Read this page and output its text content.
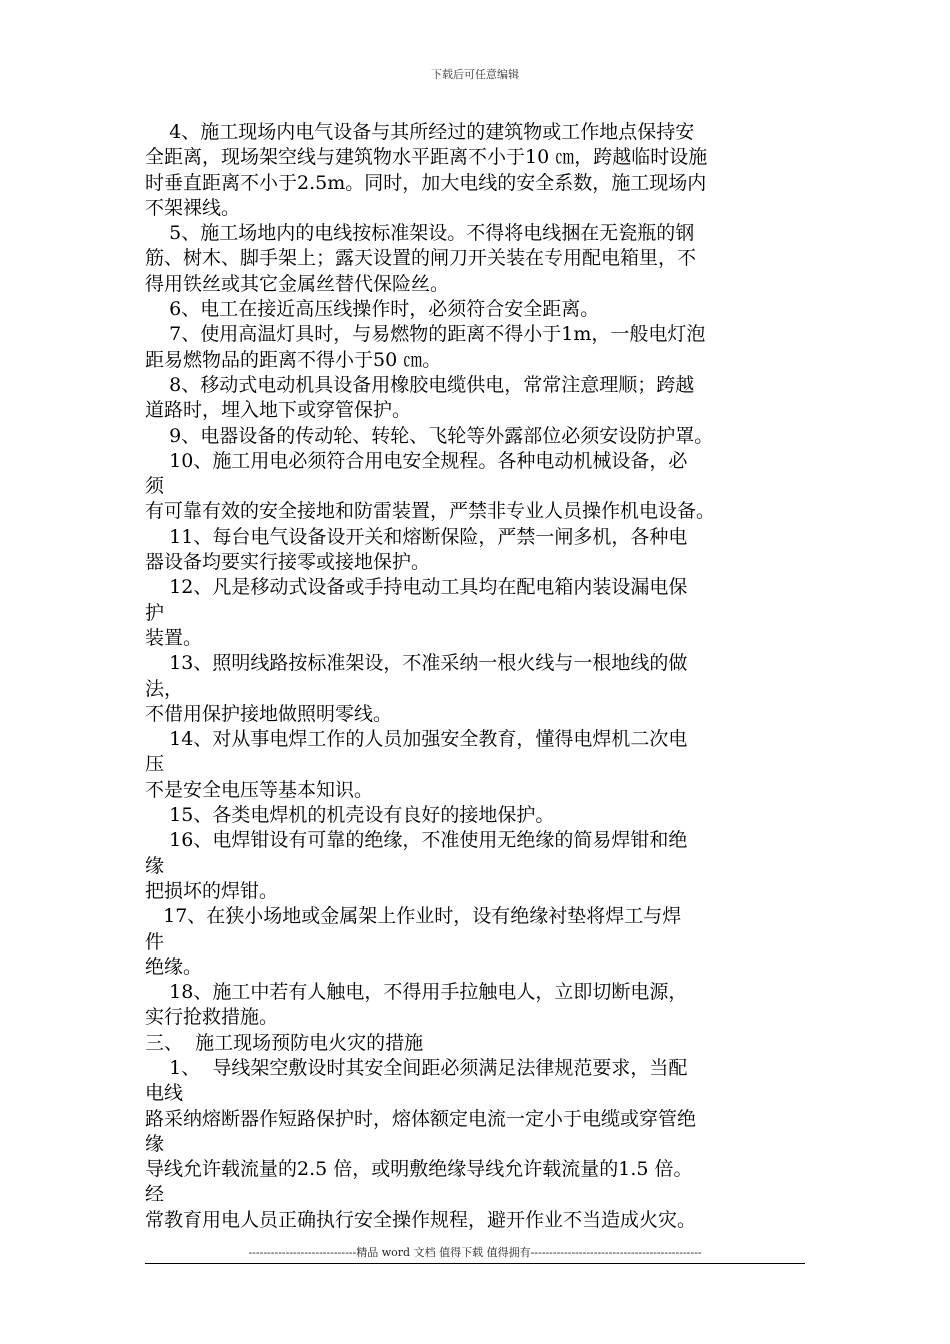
下载后可任意编辑
4、施工现场内电气设备与其所经过的建筑物或工作地点保持安
全距离，现场架空线与建筑物水平距离不小于10 ㎝，跨越临时设施
时垂直距离不小于2.5m。同时，加大电线的安全系数，施工现场内
不架裸线。
5、施工场地内的电线按标准架设。不得将电线捆在无瓷瓶的钢
筋、树木、脚手架上；露天设置的闸刀开关装在专用配电箱里，不
得用铁丝或其它金属丝替代保险丝。
6、电工在接近高压线操作时，必须符合安全距离。
7、使用高温灯具时，与易燃物的距离不得小于1m，一般电灯泡
距易燃物品的距离不得小于50 ㎝。
8、移动式电动机具设备用橡胶电缆供电，常常注意理顺；跨越
道路时，埋入地下或穿管保护。
9、电器设备的传动轮、转轮、飞轮等外露部位必须安设防护罩。
10、施工用电必须符合用电安全规程。各种电动机械设备，必
须
有可靠有效的安全接地和防雷装置，严禁非专业人员操作机电设备。
11、每台电气设备设开关和熔断保险，严禁一闸多机，各种电
器设备均要实行接零或接地保护。
12、凡是移动式设备或手持电动工具均在配电箱内装设漏电保
护
装置。
13、照明线路按标准架设，不准采纳一根火线与一根地线的做
法，
不借用保护接地做照明零线。
14、对从事电焊工作的人员加强安全教育，懂得电焊机二次电
压
不是安全电压等基本知识。
15、各类电焊机的机壳设有良好的接地保护。
16、电焊钳设有可靠的绝缘，不准使用无绝缘的简易焊钳和绝
缘
把损坏的焊钳。
17、在狭小场地或金属架上作业时，设有绝缘衬垫将焊工与焊
件
绝缘。
18、施工中若有人触电，不得用手拉触电人，立即切断电源，
实行抢救措施。
三、  施工现场预防电火灾的措施
1、  导线架空敷设时其安全间距必须满足法律规范要求，当配
电线
路采纳熔断器作短路保护时，熔体额定电流一定小于电缆或穿管绝
缘
导线允许载流量的2.5 倍，或明敷绝缘导线允许载流量的1.5 倍。
经
常教育用电人员正确执行安全操作规程，避开作业不当造成火灾。
-----------------------------精品 word 文档 值得下载 值得拥有----------------------------------------------
